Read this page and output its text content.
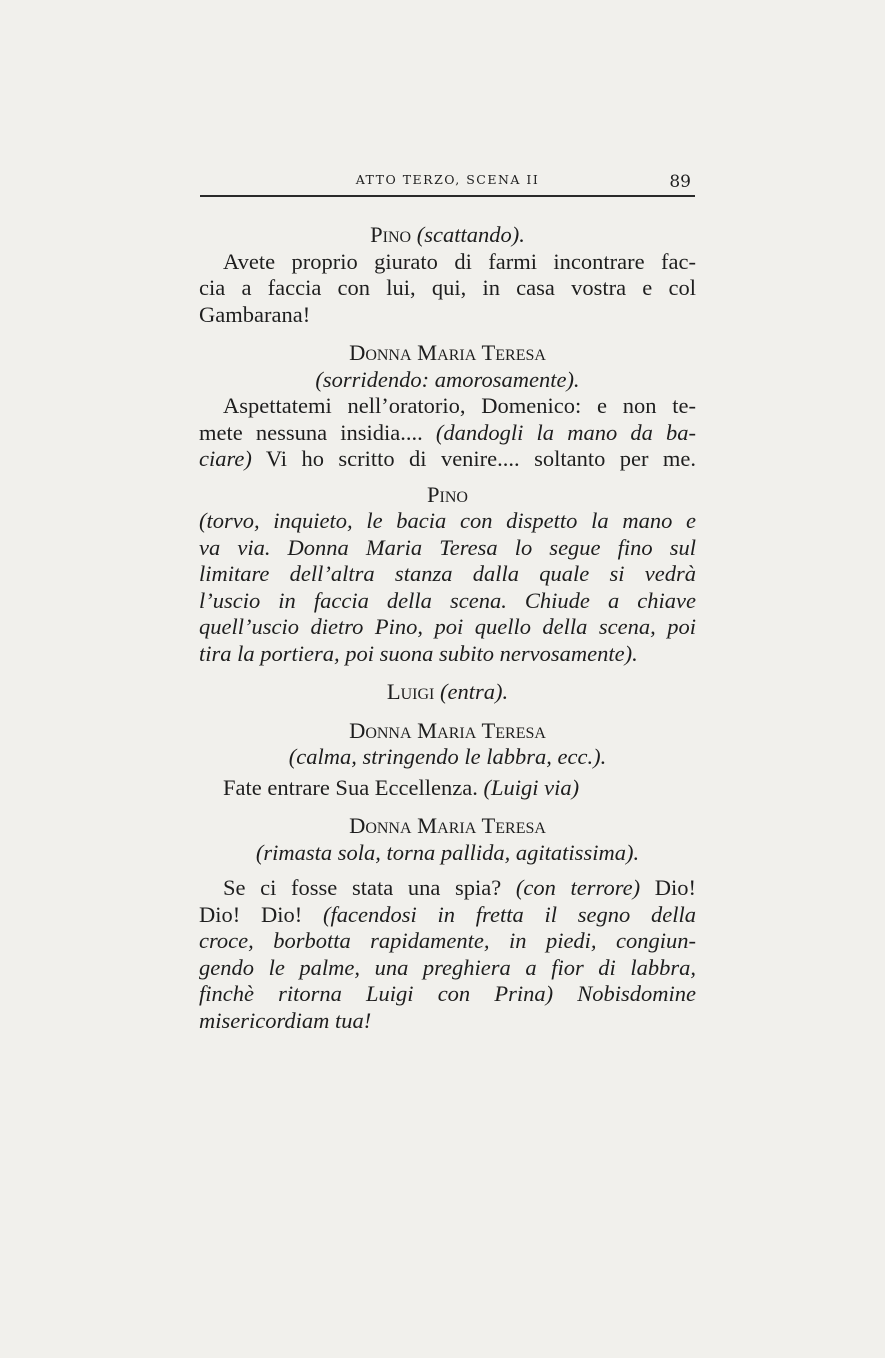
ATTO TERZO, SCENA II	89
Pino (scattando).
Avete proprio giurato di farmi incontrare fac-
cia a faccia con lui, qui, in casa vostra e col
Gambarana!
Donna Maria Teresa
(sorridendo: amorosamente).
Aspettatemi nell’oratorio, Domenico: e non te-
mete nessuna insidia.... (dandogli la mano da ba-
ciare) Vi ho scritto di venire.... soltanto per me.
Pino
(torvo, inquieto, le bacia con dispetto la mano e
va via. Donna Maria Teresa lo segue fino sul
limitare dell’altra stanza dalla quale si vedrà
l’uscio in faccia della scena. Chiude a chiave
quell’uscio dietro Pino, poi quello della scena, poi
tira la portiera, poi suona subito nervosamente).
Luigi (entra).
Donna Maria Teresa
(calma, stringendo le labbra, ecc.).
Fate entrare Sua Eccellenza. (Luigi via)
Donna Maria Teresa
(rimasta sola, torna pallida, agitatissima).
Se ci fosse stata una spia? (con terrore) Dio!
Dio! Dio! (facendosi in fretta il segno della
croce, borbotta rapidamente, in piedi, congiun-
gendo le palme, una preghiera a fior di labbra,
finchè ritorna Luigi con Prina) Nobisdomine
misericordiam tua!
